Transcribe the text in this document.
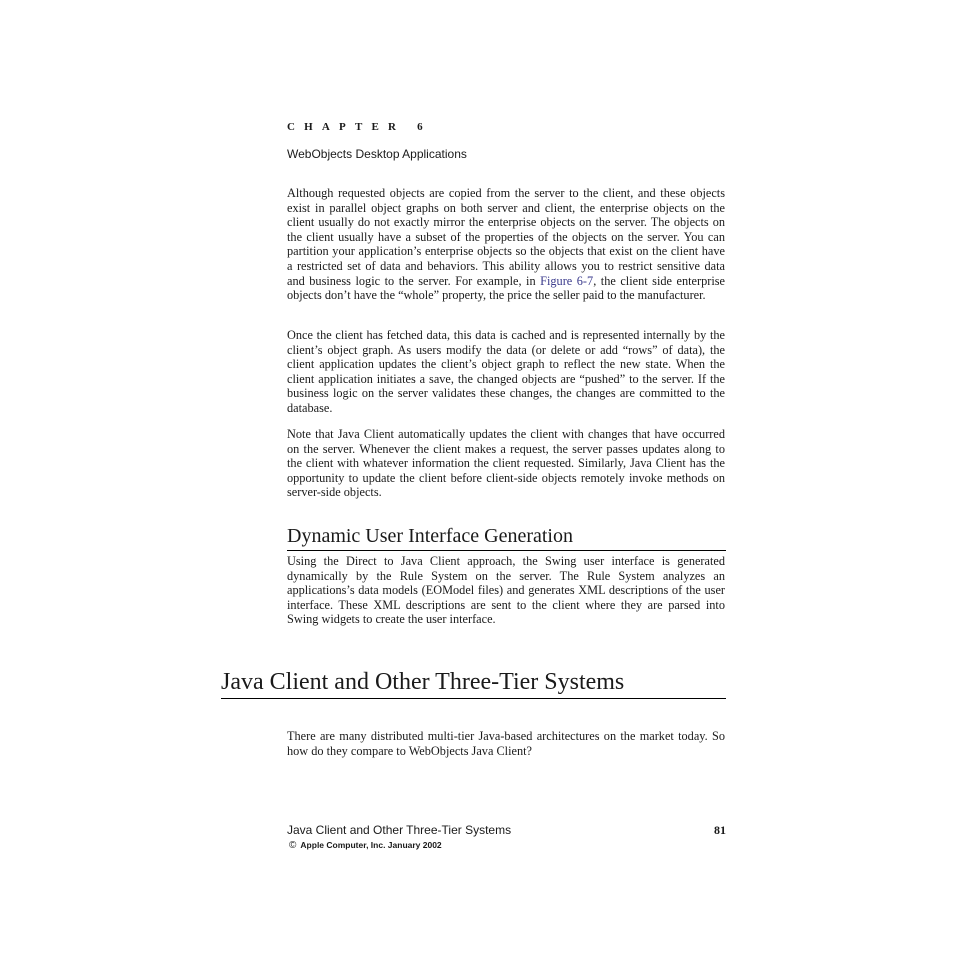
CHAPTER 6
WebObjects Desktop Applications

Although requested objects are copied from the server to the client, and these objects exist in parallel object graphs on both server and client, the enterprise objects on the client usually do not exactly mirror the enterprise objects on the server. The objects on the client usually have a subset of the properties of the objects on the server. You can partition your application’s enterprise objects so the objects that exist on the client have a restricted set of data and behaviors. This ability allows you to restrict sensitive data and business logic to the server. For example, in Figure 6-7, the client side enterprise objects don’t have the “whole” property, the price the seller paid to the manufacturer.

Once the client has fetched data, this data is cached and is represented internally by the client’s object graph. As users modify the data (or delete or add “rows” of data), the client application updates the client’s object graph to reflect the new state. When the client application initiates a save, the changed objects are “pushed” to the server. If the business logic on the server validates these changes, the changes are committed to the database.

Note that Java Client automatically updates the client with changes that have occurred on the server. Whenever the client makes a request, the server passes updates along to the client with whatever information the client requested. Similarly, Java Client has the opportunity to update the client before client-side objects remotely invoke methods on server-side objects.

Dynamic User Interface Generation

Using the Direct to Java Client approach, the Swing user interface is generated dynamically by the Rule System on the server. The Rule System analyzes an applications’s data models (EOModel files) and generates XML descriptions of the user interface. These XML descriptions are sent to the client where they are parsed into Swing widgets to create the user interface.

Java Client and Other Three-Tier Systems

There are many distributed multi-tier Java-based architectures on the market today. So how do they compare to WebObjects Java Client?

Java Client and Other Three-Tier Systems	81
© Apple Computer, Inc. January 2002
